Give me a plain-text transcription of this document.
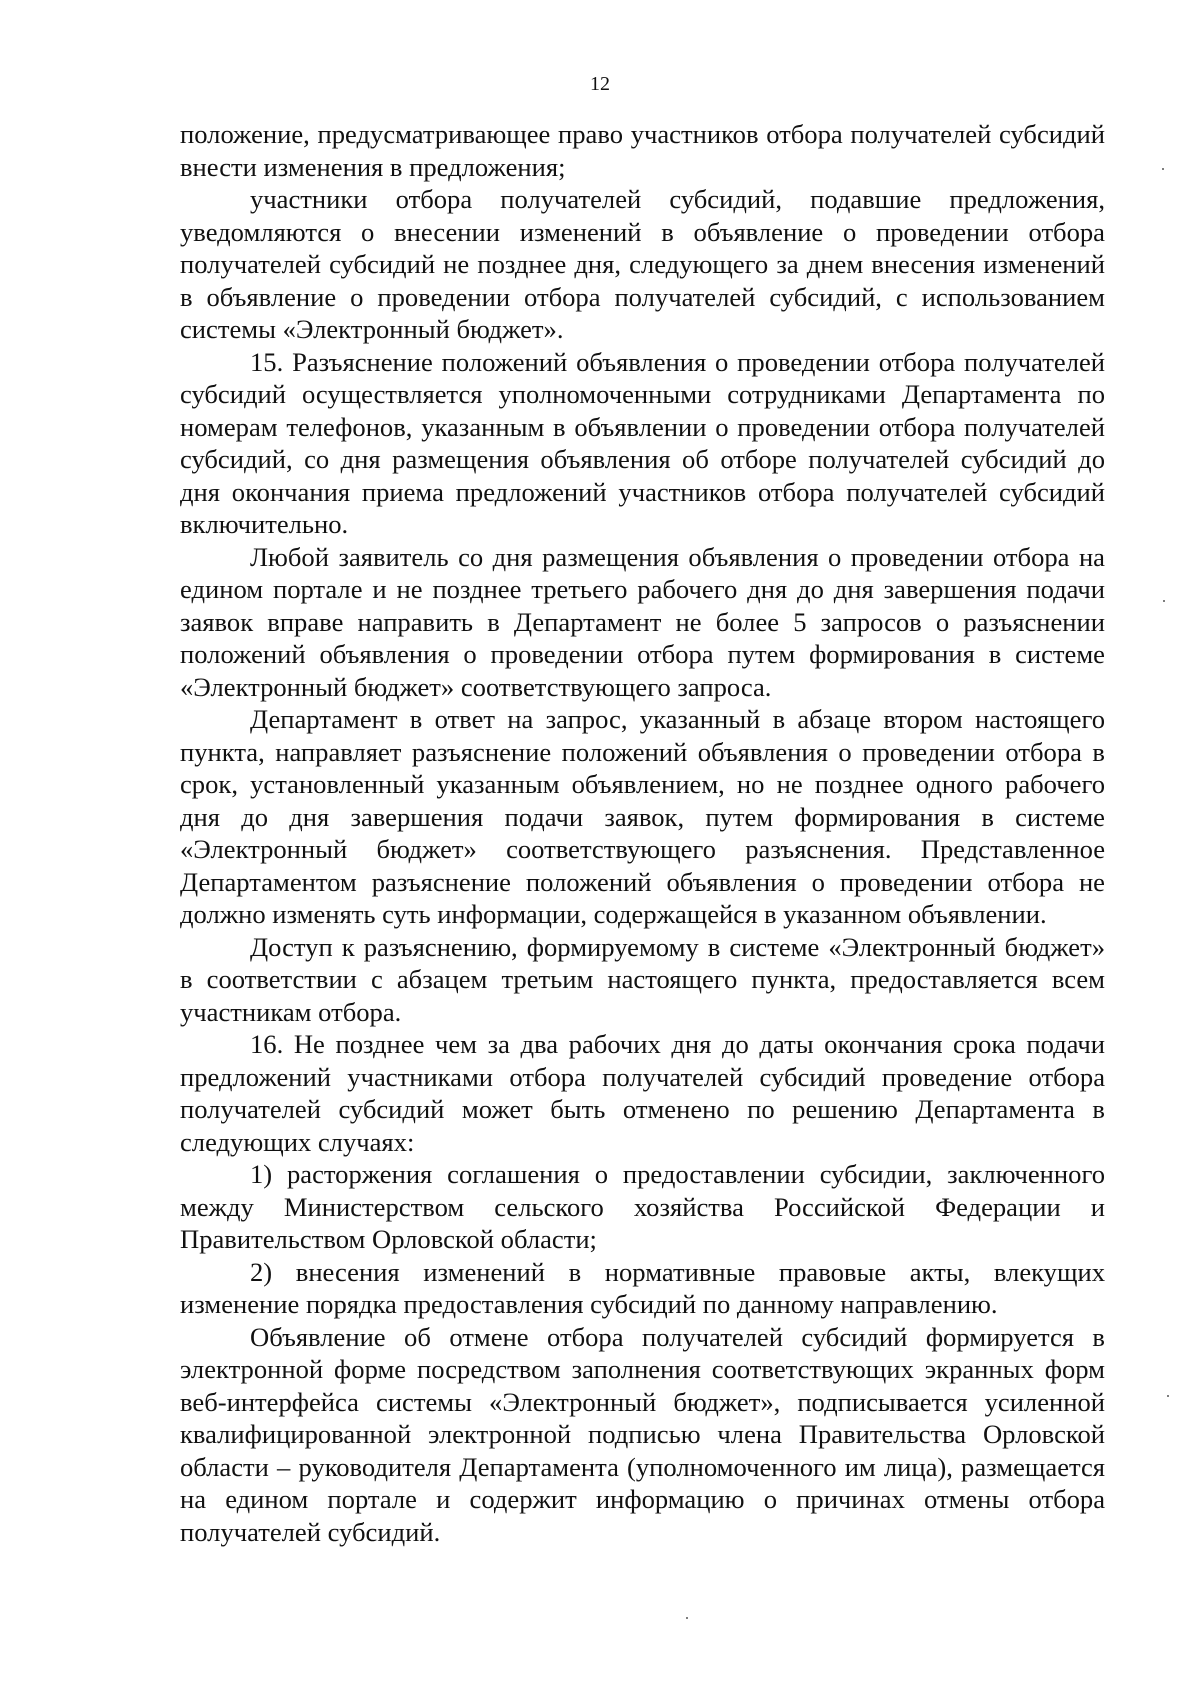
12

положение, предусматривающее право участников отбора получателей субсидий внести изменения в предложения;

участники отбора получателей субсидий, подавшие предложения, уведомляются о внесении изменений в объявление о проведении отбора получателей субсидий не позднее дня, следующего за днем внесения изменений в объявление о проведении отбора получателей субсидий, с использованием системы «Электронный бюджет».

15. Разъяснение положений объявления о проведении отбора получателей субсидий осуществляется уполномоченными сотрудниками Департамента по номерам телефонов, указанным в объявлении о проведении отбора получателей субсидий, со дня размещения объявления об отборе получателей субсидий до дня окончания приема предложений участников отбора получателей субсидий включительно.

Любой заявитель со дня размещения объявления о проведении отбора на едином портале и не позднее третьего рабочего дня до дня завершения подачи заявок вправе направить в Департамент не более 5 запросов о разъяснении положений объявления о проведении отбора путем формирования в системе «Электронный бюджет» соответствующего запроса.

Департамент в ответ на запрос, указанный в абзаце втором настоящего пункта, направляет разъяснение положений объявления о проведении отбора в срок, установленный указанным объявлением, но не позднее одного рабочего дня до дня завершения подачи заявок, путем формирования в системе «Электронный бюджет» соответствующего разъяснения. Представленное Департаментом разъяснение положений объявления о проведении отбора не должно изменять суть информации, содержащейся в указанном объявлении.

Доступ к разъяснению, формируемому в системе «Электронный бюджет» в соответствии с абзацем третьим настоящего пункта, предоставляется всем участникам отбора.

16. Не позднее чем за два рабочих дня до даты окончания срока подачи предложений участниками отбора получателей субсидий проведение отбора получателей субсидий может быть отменено по решению Департамента в следующих случаях:

1) расторжения соглашения о предоставлении субсидии, заключенного между Министерством сельского хозяйства Российской Федерации и Правительством Орловской области;

2) внесения изменений в нормативные правовые акты, влекущих изменение порядка предоставления субсидий по данному направлению.

Объявление об отмене отбора получателей субсидий формируется в электронной форме посредством заполнения соответствующих экранных форм веб-интерфейса системы «Электронный бюджет», подписывается усиленной квалифицированной электронной подписью члена Правительства Орловской области – руководителя Департамента (уполномоченного им лица), размещается на едином портале и содержит информацию о причинах отмены отбора получателей субсидий.
